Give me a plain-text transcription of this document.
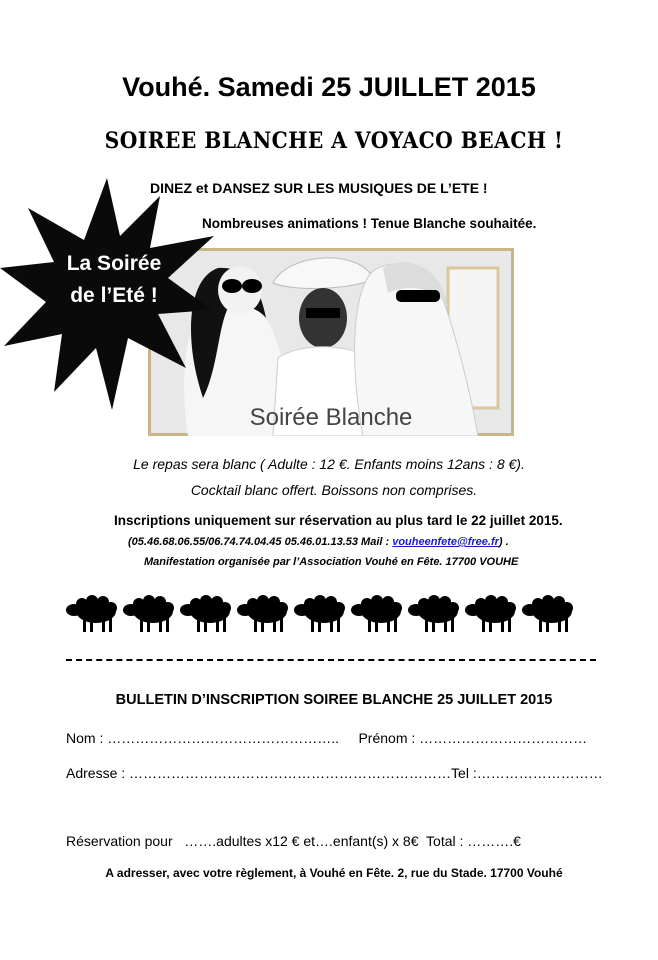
Vouhé. Samedi 25 JUILLET 2015
SOIREE BLANCHE A VOYACO BEACH !
DINEZ et DANSEZ SUR LES MUSIQUES DE L’ETE !
Nombreuses animations ! Tenue Blanche souhaitée.
Soirée Blanche
La Soirée
de l’Eté !
Le repas sera blanc ( Adulte : 12 €. Enfants moins 12ans : 8 €).
Cocktail blanc offert. Boissons non comprises.
Inscriptions uniquement sur réservation au plus tard le 22 juillet 2015.
(05.46.68.06.55/06.74.74.04.45 05.46.01.13.53 Mail : vouheenfete@free.fr) .
Manifestation organisée par l’Association Vouhé en Fête. 17700 VOUHE
BULLETIN D’INSCRIPTION SOIREE BLANCHE 25 JUILLET 2015
Nom : …………………………………………..     Prénom : ………………………………
Adresse : ……………………………………………………………Tel :………………………
Réservation pour   …….adultes x12 € et….enfant(s) x 8€  Total : ……….€
A adresser, avec votre règlement, à Vouhé en Fête. 2, rue du Stade. 17700 Vouhé
